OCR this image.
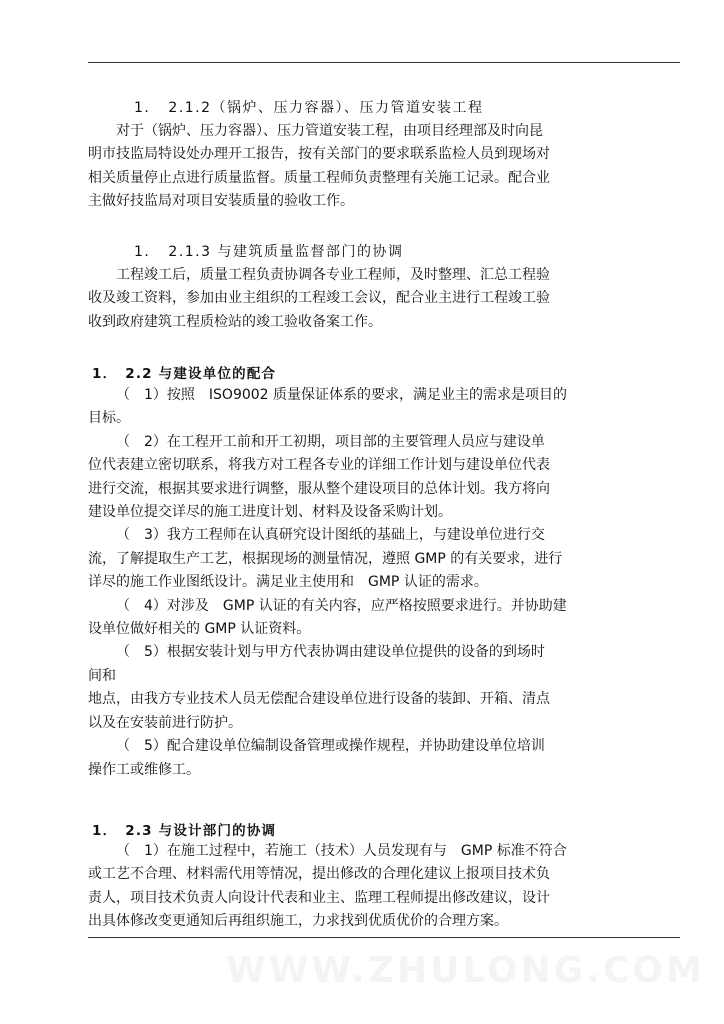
1．　2.1.2（锅炉、压力容器）、压力管道安装工程

对于（锅炉、压力容器）、压力管道安装工程，由项目经理部及时向昆
明市技监局特设处办理开工报告，按有关部门的要求联系监检人员到现场对
相关质量停止点进行质量监督。质量工程师负责整理有关施工记录。配合业
主做好技监局对项目安装质量的验收工作。

1．　2.1.3 与建筑质量监督部门的协调

工程竣工后，质量工程负责协调各专业工程师，及时整理、汇总工程验
收及竣工资料，参加由业主组织的工程竣工会议，配合业主进行工程竣工验
收到政府建筑工程质检站的竣工验收备案工作。

1．　2.2 与建设单位的配合

（　1）按照　ISO9002 质量保证体系的要求，满足业主的需求是项目的
目标。
（　2）在工程开工前和开工初期，项目部的主要管理人员应与建设单
位代表建立密切联系，将我方对工程各专业的详细工作计划与建设单位代表
进行交流，根据其要求进行调整，服从整个建设项目的总体计划。我方将向
建设单位提交详尽的施工进度计划、材料及设备采购计划。
（　3）我方工程师在认真研究设计图纸的基础上，与建设单位进行交
流，了解提取生产工艺，根据现场的测量情况，遵照 GMP 的有关要求，进行
详尽的施工作业图纸设计。满足业主使用和　GMP 认证的需求。
（　4）对涉及　GMP 认证的有关内容，应严格按照要求进行。并协助建
设单位做好相关的 GMP 认证资料。
（　5）根据安装计划与甲方代表协调由建设单位提供的设备的到场时
间和
地点，由我方专业技术人员无偿配合建设单位进行设备的装卸、开箱、清点
以及在安装前进行防护。
（　5）配合建设单位编制设备管理或操作规程，并协助建设单位培训
操作工或维修工。

1．　2.3 与设计部门的协调

（　1）在施工过程中，若施工（技术）人员发现有与　GMP 标准不符合
或工艺不合理、材料需代用等情况，提出修改的合理化建议上报项目技术负
责人，项目技术负责人向设计代表和业主、监理工程师提出修改建议，设计
出具体修改变更通知后再组织施工，力求找到优质优价的合理方案。
WWW.ZHULONG.COM
